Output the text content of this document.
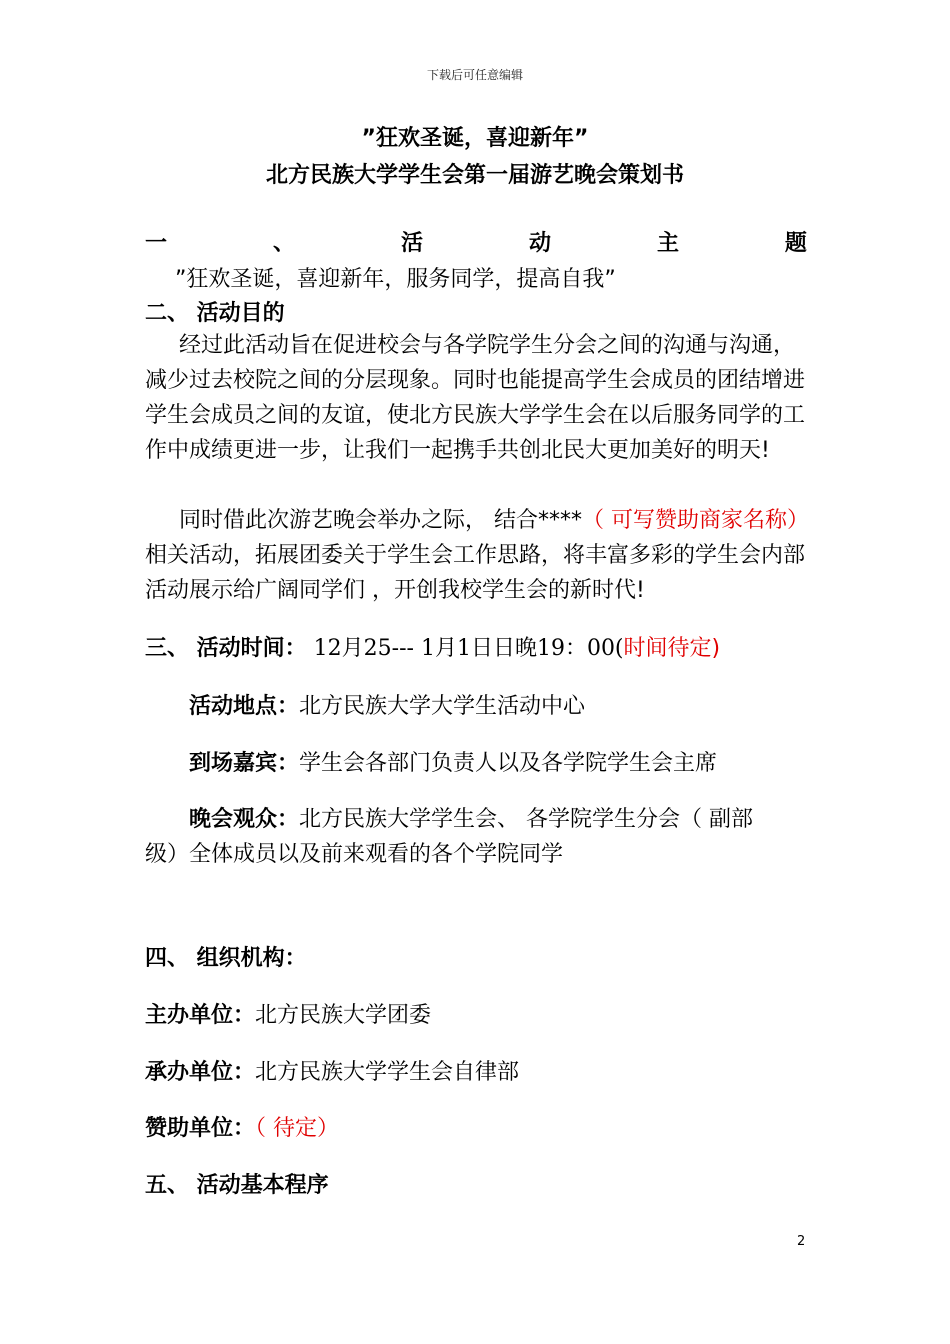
下载后可任意编辑
”狂欢圣诞，喜迎新年”
北方民族大学学生会第一届游艺晚会策划书
一	、	活	动	主	题
”狂欢圣诞，喜迎新年，服务同学，提高自我”
二、 活动目的
经过此活动旨在促进校会与各学院学生分会之间的沟通与沟通， 减少过去校院之间的分层现象。同时也能提高学生会成员的团结增进学生会成员之间的友谊，使北方民族大学学生会在以后服务同学的工作中成绩更进一步，让我们一起携手共创北民大更加美好的明天!
同时借此次游艺晚会举办之际， 结合****（ 可写赞助商家名称）相关活动，拓展团委关于学生会工作思路，将丰富多彩的学生会内部活动展示给广阔同学们 ，开创我校学生会的新时代!
三、 活动时间： 12月25--- 1月1日日晚19：00(时间待定)
活动地点：北方民族大学大学生活动中心
到场嘉宾：学生会各部门负责人以及各学院学生会主席
晚会观众：北方民族大学学生会、 各学院学生分会（ 副部
级）全体成员以及前来观看的各个学院同学
四、 组织机构：
主办单位：北方民族大学团委
承办单位：北方民族大学学生会自律部
赞助单位：（ 待定）
五、 活动基本程序
2
